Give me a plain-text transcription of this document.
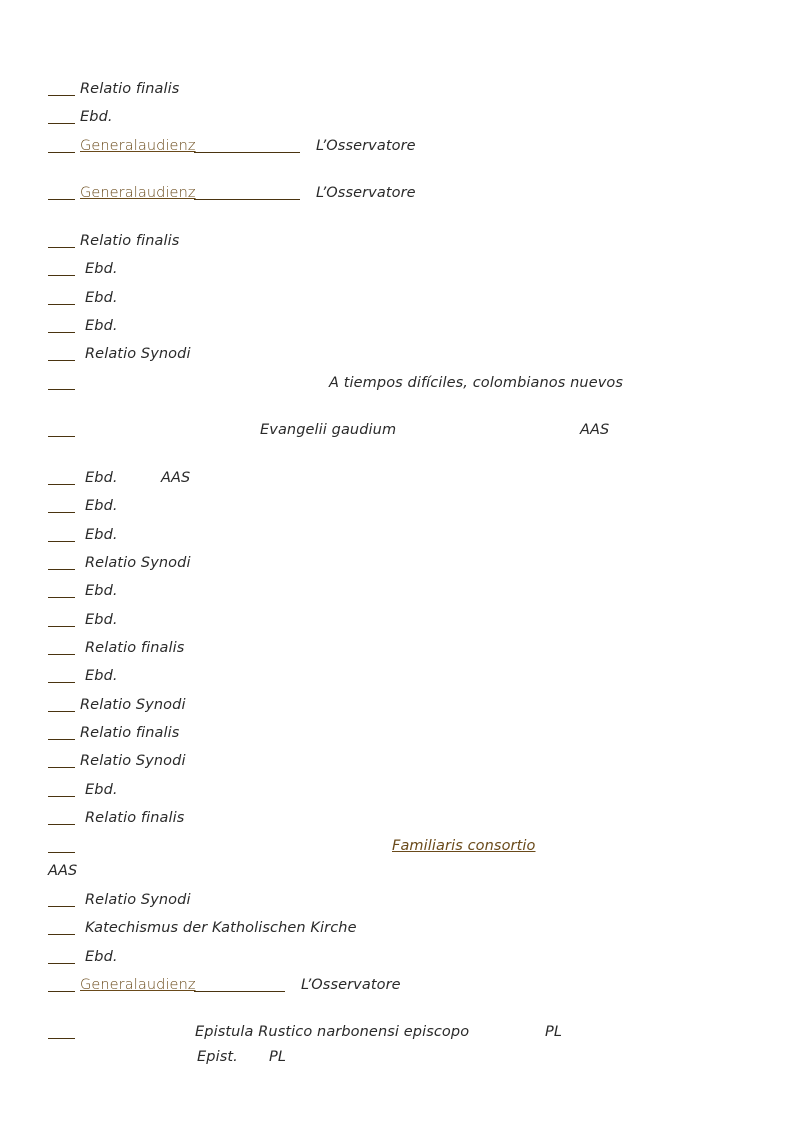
Relatio finalis
Ebd.
Generalaudienz	L’Osservatore
Generalaudienz	L’Osservatore
Relatio finalis
Ebd.
Ebd.
Ebd.
Relatio Synodi
A tiempos difíciles, colombianos nuevos
Evangelii gaudium	AAS
Ebd.	AAS
Ebd.
Ebd.
Relatio Synodi
Ebd.
Ebd.
Relatio finalis
Ebd.
Relatio Synodi
Relatio finalis
Relatio Synodi
Ebd.
Relatio finalis
Familiaris consortio
AAS
Relatio Synodi
Katechismus der Katholischen Kirche
Ebd.
Generalaudienz	L’Osservatore
Epistula Rustico narbonensi episcopo	PL
Epist. PL
